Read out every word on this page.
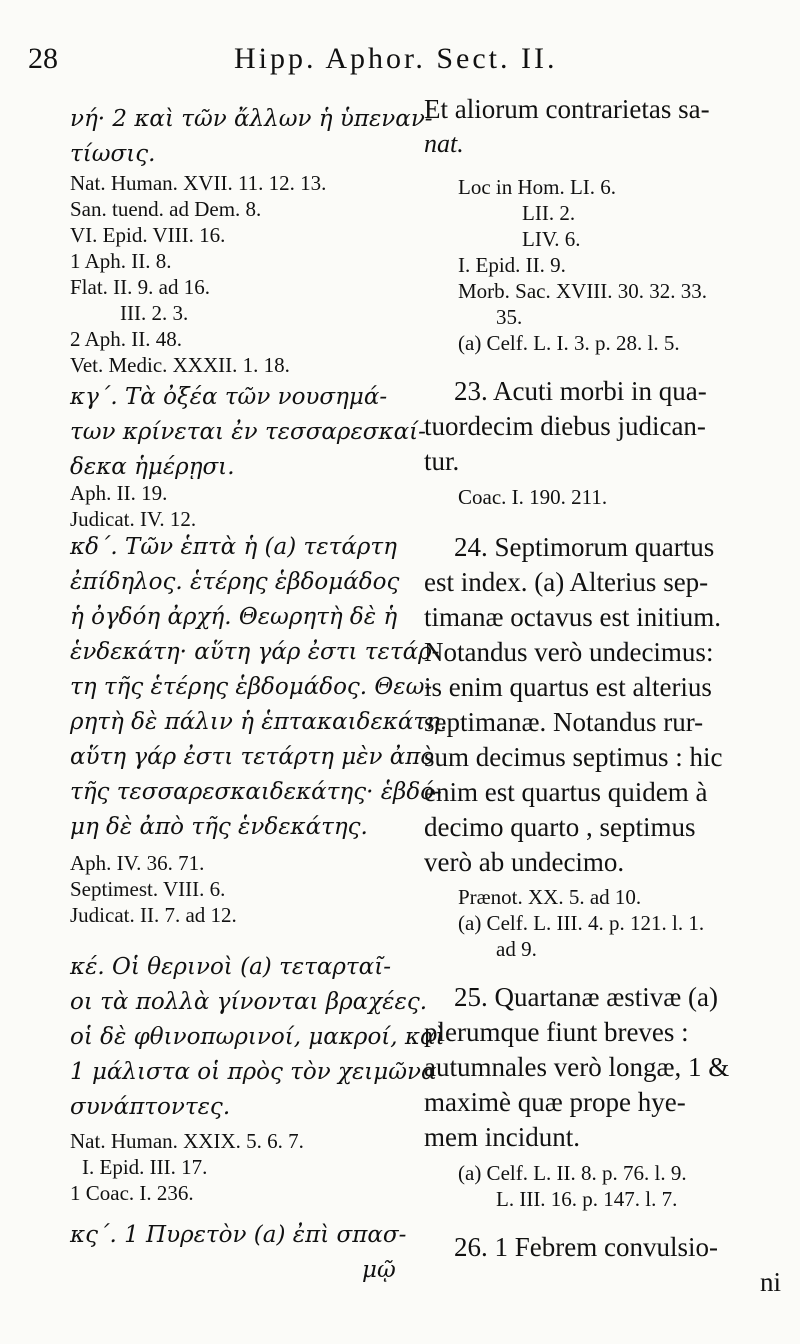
28	Hipp. Aphor. Sect. II.
νή· 2 καὶ τῶν ἄλλων ἡ ὑπεναν-
τίωσις.
Nat. Human. XVII. 11. 12. 13.
San. tuend. ad Dem. 8.
VI. Epid. VIII. 16.
1 Aph. II. 8.
Flat. II. 9. ad 16.
III. 2. 3.
2 Aph. II. 48.
Vet. Medic. XXXII. 1. 18.
κγ΄. Τὰ ὀξέα τῶν νουσημά-
των κρίνεται ἐν τεσσαρεσκαί-
δεκα ἡμέρῃσι.
Aph. II. 19.
Judicat. IV. 12.
κδ΄. Τῶν ἑπτὰ ἡ (a) τετάρτη
ἐπίδηλος. ἑτέρης ἑβδομάδος
ἡ ὀγδόη ἀρχή. Θεωρητὴ δὲ ἡ
ἑνδεκάτη· αὕτη γάρ ἐστι τετάρ-
τη τῆς ἑτέρης ἑβδομάδος. Θεω-
ρητὴ δὲ πάλιν ἡ ἑπτακαιδεκάτη.
αὕτη γάρ ἐστι τετάρτη μὲν ἀπὸ
τῆς τεσσαρεσκαιδεκάτης· ἑβδό-
μη δὲ ἀπὸ τῆς ἑνδεκάτης.
Aph. IV. 36. 71.
Septimest. VIII. 6.
Judicat. II. 7. ad 12.
κέ. Οἱ θερινοὶ (a) τεταρταῖ-
οι τὰ πολλὰ γίνονται βραχέες.
οἱ δὲ φθινοπωρινοί, μακροί, καὶ
1 μάλιστα οἱ πρὸς τὸν χειμῶνα
συνάπτοντες.
Nat. Human. XXIX. 5. 6. 7.
I. Epid. III. 17.
1 Coac. I. 236.
κς΄. 1 Πυρετὸν (a) ἐπὶ σπασ-
μῷ
Et aliorum contrarietas sa-
nat.
Loc in Hom. LI. 6.
LII. 2.
LIV. 6.
I. Epid. II. 9.
Morb. Sac. XVIII. 30. 32. 33.
35.
(a) Celf. L. I. 3. p. 28. l. 5.
23. Acuti morbi in qua-
tuordecim diebus judican-
tur.
Coac. I. 190. 211.
24. Septimorum quartus
est index. (a) Alterius sep-
timanæ octavus est initium.
Notandus verò undecimus:
is enim quartus est alterius
septimanæ. Notandus rur-
sum decimus septimus : hic
enim est quartus quidem à
decimo quarto , septimus
verò ab undecimo.
Prænot. XX. 5. ad 10.
(a) Celf. L. III. 4. p. 121. l. 1.
ad 9.
25. Quartanæ æstivæ (a)
plerumque fiunt breves :
autumnales verò longæ, 1 &
maximè quæ prope hye-
mem incidunt.
(a) Celf. L. II. 8. p. 76. l. 9.
L. III. 16. p. 147. l. 7.
26. 1 Febrem convulsio-
ni
